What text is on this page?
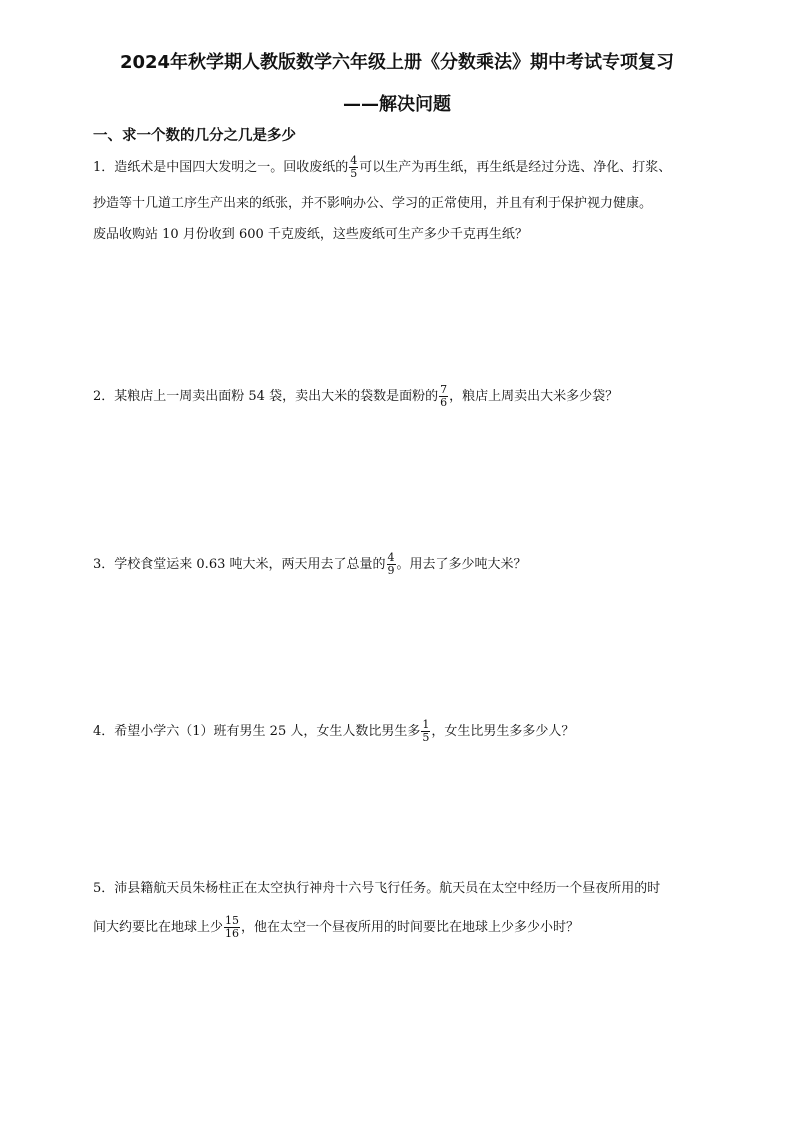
2024年秋学期人教版数学六年级上册《分数乘法》期中考试专项复习
——解决问题
一、求一个数的几分之几是多少
1．造纸术是中国四大发明之一。回收废纸的 $\frac{4}{5}$ 可以生产为再生纸，再生纸是经过分选、净化、打浆、
抄造等十几道工序生产出来的纸张，并不影响办公、学习的正常使用，并且有利于保护视力健康。
废品收购站 10 月份收到 600 千克废纸，这些废纸可生产多少千克再生纸？
2．某粮店上一周卖出面粉 54 袋，卖出大米的袋数是面粉的 $\frac{7}{6}$ ，粮店上周卖出大米多少袋？
3．学校食堂运来 0.63 吨大米，两天用去了总量的 $\frac{4}{9}$ 。用去了多少吨大米？
4．希望小学六（1）班有男生 25 人，女生人数比男生多 $\frac{1}{5}$ ，女生比男生多多少人？
5．沛县籍航天员朱杨柱正在太空执行神舟十六号飞行任务。航天员在太空中经历一个昼夜所用的时
间大约要比在地球上少 $\frac{15}{16}$ ，他在太空一个昼夜所用的时间要比在地球上少多少小时？
